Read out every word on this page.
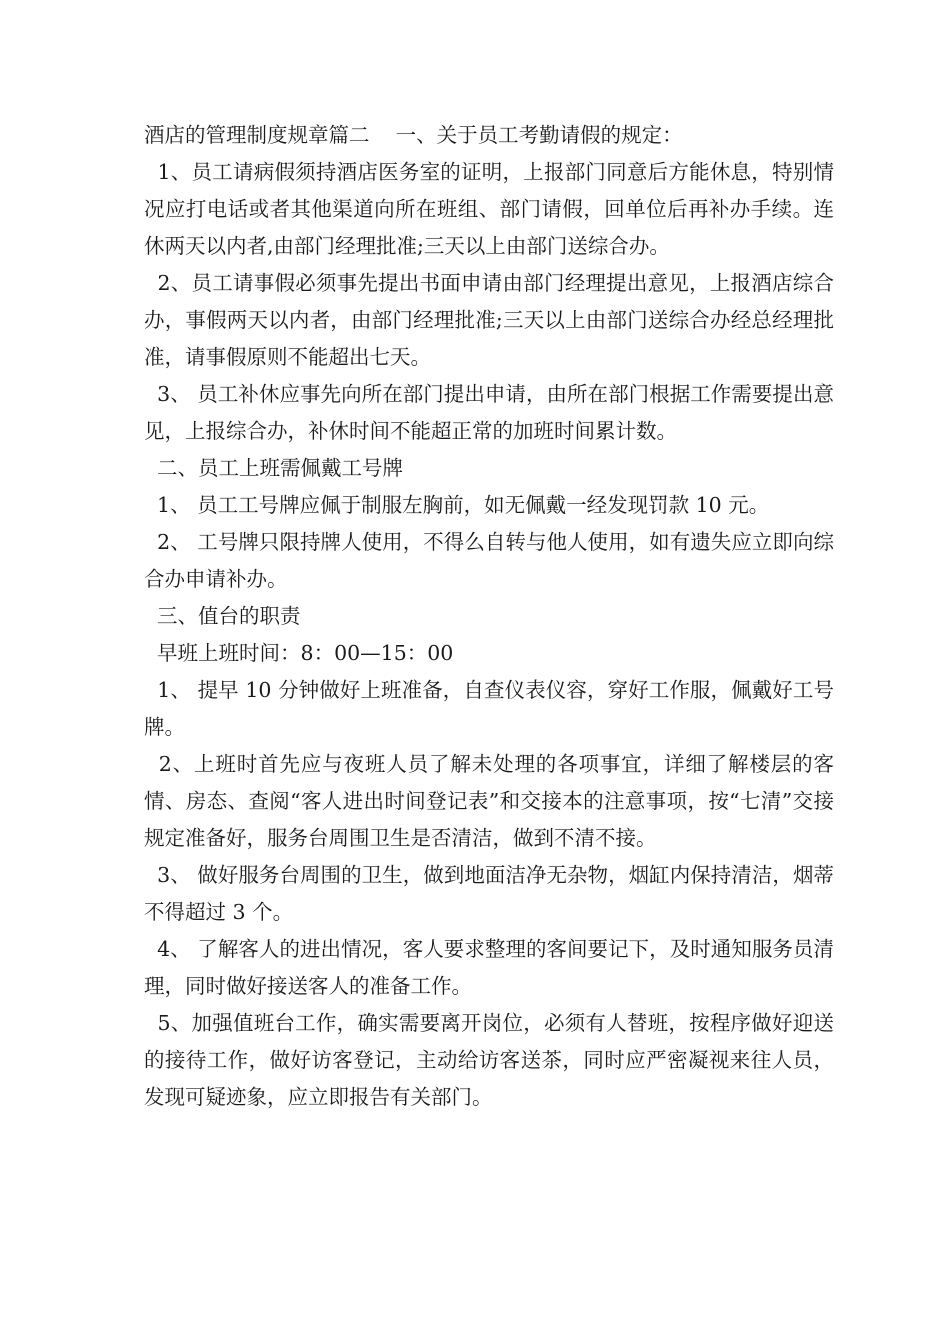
酒店的管理制度规章篇二    一、关于员工考勤请假的规定：

1、员工请病假须持酒店医务室的证明，上报部门同意后方能休息，特别情况应打电话或者其他渠道向所在班组、部门请假，回单位后再补办手续。连休两天以内者,由部门经理批准;三天以上由部门送综合办。

2、员工请事假必须事先提出书面申请由部门经理提出意见，上报酒店综合办，事假两天以内者，由部门经理批准;三天以上由部门送综合办经总经理批准，请事假原则不能超出七天。

3、 员工补休应事先向所在部门提出申请，由所在部门根据工作需要提出意见，上报综合办，补休时间不能超正常的加班时间累计数。

二、员工上班需佩戴工号牌

1、 员工工号牌应佩于制服左胸前，如无佩戴一经发现罚款 10 元。

2、 工号牌只限持牌人使用，不得么自转与他人使用，如有遗失应立即向综合办申请补办。

三、值台的职责

早班上班时间：8：00—15：00

1、 提早 10 分钟做好上班准备，自查仪表仪容，穿好工作服，佩戴好工号牌。

2、上班时首先应与夜班人员了解未处理的各项事宜，详细了解楼层的客情、房态、查阅“客人进出时间登记表”和交接本的注意事项，按“七清”交接规定准备好，服务台周围卫生是否清洁，做到不清不接。

3、 做好服务台周围的卫生，做到地面洁净无杂物，烟缸内保持清洁，烟蒂不得超过 3 个。

4、 了解客人的进出情况，客人要求整理的客间要记下，及时通知服务员清理，同时做好接送客人的准备工作。

5、加强值班台工作，确实需要离开岗位，必须有人替班，按程序做好迎送的接待工作，做好访客登记，主动给访客送茶，同时应严密凝视来往人员，发现可疑迹象，应立即报告有关部门。
